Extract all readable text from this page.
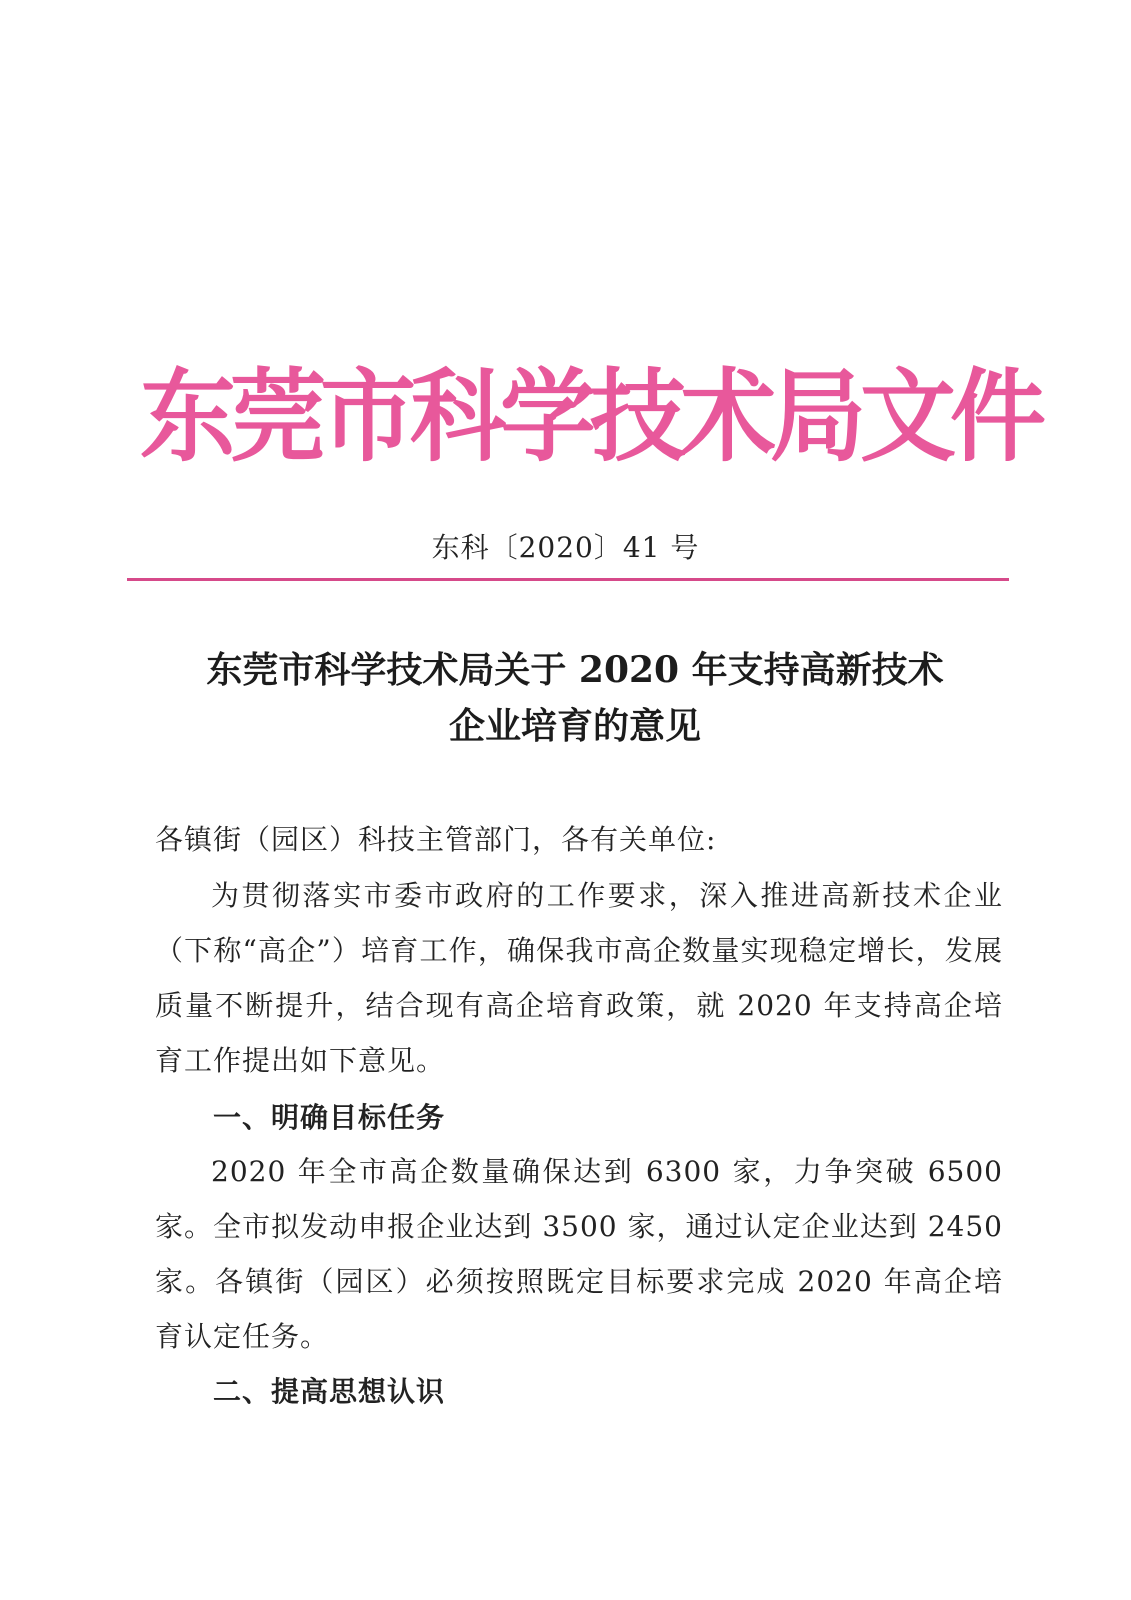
东莞市科学技术局文件
东科〔2020〕41 号
东莞市科学技术局关于 2020 年支持高新技术
企业培育的意见
各镇街（园区）科技主管部门，各有关单位:
为贯彻落实市委市政府的工作要求，深入推进高新技术企业（下称“高企”）培育工作，确保我市高企数量实现稳定增长，发展质量不断提升，结合现有高企培育政策，就 2020 年支持高企培育工作提出如下意见。
一、明确目标任务
2020 年全市高企数量确保达到 6300 家，力争突破 6500 家。全市拟发动申报企业达到 3500 家，通过认定企业达到 2450 家。各镇街（园区）必须按照既定目标要求完成 2020 年高企培育认定任务。
二、提高思想认识
